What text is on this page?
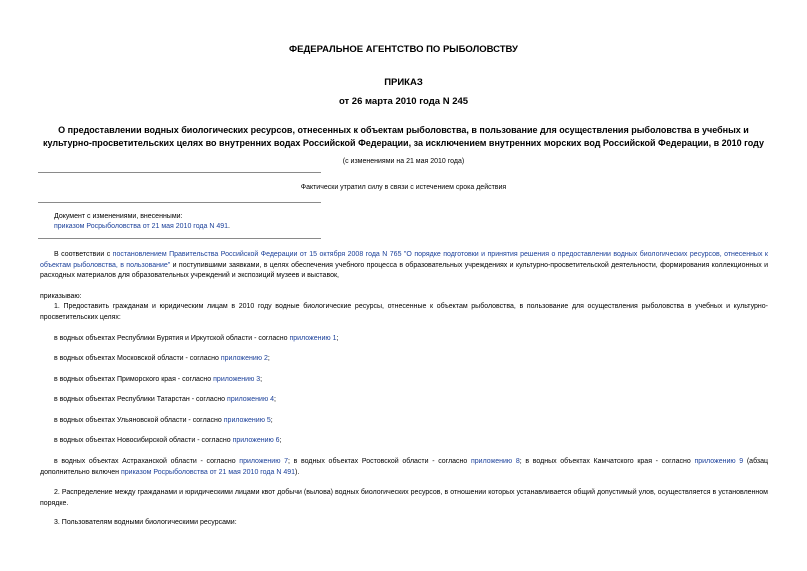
ФЕДЕРАЛЬНОЕ АГЕНТСТВО ПО РЫБОЛОВСТВУ
ПРИКАЗ
от 26 марта 2010 года N 245
О предоставлении водных биологических ресурсов, отнесенных к объектам рыболовства, в пользование для осуществления рыболовства в учебных и
культурно-просветительских целях во внутренних водах Российской Федерации, за исключением внутренних морских вод Российской Федерации, в 2010 году
(с изменениями на 21 мая 2010 года)
Фактически утратил силу в связи с истечением срока действия
Документ с изменениями, внесенными:
приказом Росрыболовства от 21 мая 2010 года N 491.
В соответствии с постановлением Правительства Российской Федерации от 15 октября 2008 года N 765 "О порядке подготовки и принятия решения о предоставлении водных биологических ресурсов, отнесенных к объектам рыболовства, в пользование" и поступившими заявками, в целях обеспечения учебного процесса в образовательных учреждениях и культурно-просветительской деятельности, формирования коллекционных и расходных материалов для образовательных учреждений и экспозиций музеев и выставок,
приказываю:
1. Предоставить гражданам и юридическим лицам в 2010 году водные биологические ресурсы, отнесенные к объектам рыболовства, в пользование для осуществления рыболовства в учебных и культурно-просветительских целях:
в водных объектах Республики Бурятия и Иркутской области - согласно приложению 1;
в водных объектах Московской области - согласно приложению 2;
в водных объектах Приморского края - согласно приложению 3;
в водных объектах Республики Татарстан - согласно приложению 4;
в водных объектах Ульяновской области - согласно приложению 5;
в водных объектах Новосибирской области - согласно приложению 6;
в водных объектах Астраханской области - согласно приложению 7; в водных объектах Ростовской области - согласно приложению 8; в водных объектах Камчатского края - согласно приложению 9 (абзац дополнительно включен приказом Росрыболовства от 21 мая 2010 года N 491).
2. Распределение между гражданами и юридическими лицами квот добычи (вылова) водных биологических ресурсов, в отношении которых устанавливается общий допустимый улов, осуществляется в установленном порядке.
3. Пользователям водными биологическими ресурсами:
